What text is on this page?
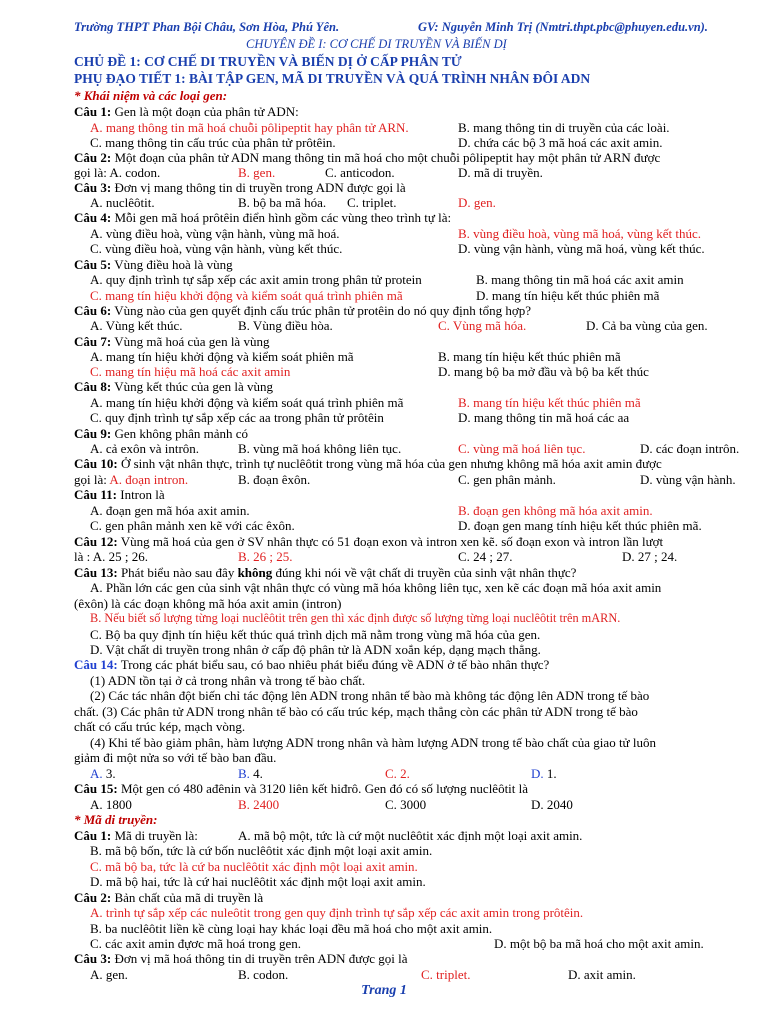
Trường THPT Phan Bội Châu, Sơn Hòa, Phú Yên.	GV: Nguyễn Minh Trị (Nmtri.thpt.pbc@phuyen.edu.vn).
CHUYÊN ĐỀ I: CƠ CHẾ DI TRUYỀN VÀ BIẾN DỊ
CHỦ ĐỀ 1: CƠ CHẾ DI TRUYỀN VÀ BIẾN DỊ Ở CẤP PHÂN TỬ
PHỤ ĐẠO TIẾT 1: BÀI TẬP GEN, MÃ DI TRUYỀN VÀ QUÁ TRÌNH NHÂN ĐÔI ADN
* Khái niệm và các loại gen:
Câu 1: Gen là một đoạn của phân tử ADN:
A. mang thông tin mã hoá chuỗi pôlipeptit hay phân tử ARN.	B. mang thông tin di truyền của các loài.
C. mang thông tin cấu trúc của phân tử prôtêin.	D. chứa các bộ 3 mã hoá các axit amin.
Câu 2: Một đoạn của phân tử ADN mang thông tin mã hoá cho một chuỗi pôlipeptit hay một phân tử ARN được
gọi là: A. codon.	B. gen.	C. anticodon.	D. mã di truyền.
Câu 3: Đơn vị mang thông tin di truyền trong ADN được gọi là
A. nuclêôtit.	B. bộ ba mã hóa. C. triplet.	D. gen.
Câu 4: Mỗi gen mã hoá prôtêin điển hình gồm các vùng theo trình tự là:
A. vùng điều hoà, vùng vận hành, vùng mã hoá.	B. vùng điều hoà, vùng mã hoá, vùng kết thúc.
C. vùng điều hoà, vùng vận hành, vùng kết thúc.	D. vùng vận hành, vùng mã hoá, vùng kết thúc.
Câu 5: Vùng điều hoà là vùng
A. quy định trình tự sắp xếp các axit amin trong phân tử protein	B. mang thông tin mã hoá các axit amin
C. mang tín hiệu khởi động và kiểm soát quá trình phiên mã	D. mang tín hiệu kết thúc phiên mã
Câu 6: Vùng nào của gen quyết định cấu trúc phân tử protêin do nó quy định tổng hợp?
A. Vùng kết thúc.	B. Vùng điều hòa.	C. Vùng mã hóa.	D. Cả ba vùng của gen.
Câu 7: Vùng mã hoá của gen là vùng
A. mang tín hiệu khởi động và kiểm soát phiên mã	B. mang tín hiệu kết thúc phiên mã
C. mang tín hiệu mã hoá các axit amin	D. mang bộ ba mở đầu và bộ ba kết thúc
Câu 8: Vùng kết thúc của gen là vùng
A. mang tín hiệu khởi động và kiểm soát quá trình phiên mã	B. mang tín hiệu kết thúc phiên mã
C. quy định trình tự sắp xếp các aa trong phân tử prôtêin	D. mang thông tin mã hoá các aa
Câu 9: Gen không phân mảnh có
A. cả exôn và intrôn.	B. vùng mã hoá không liên tục.	C. vùng mã hoá liên tục.	D. các đoạn intrôn.
Câu 10: Ở sinh vật nhân thực, trình tự nuclêôtit trong vùng mã hóa của gen nhưng không mã hóa axit amin được
gọi là: A. đoạn intron.	B. đoạn êxôn.	C. gen phân mảnh.	D. vùng vận hành.
Câu 11: Intron là
A. đoạn gen mã hóa axit amin.	B. đoạn gen không mã hóa axit amin.
C. gen phân mảnh xen kẽ với các êxôn.	D. đoạn gen mang tính hiệu kết thúc phiên mã.
Câu 12: Vùng mã hoá của gen ở SV nhân thực có 51 đoạn exon và intron xen kẽ. số đoạn exon và intron lần lượt
là : A. 25 ; 26.	B. 26 ; 25.	C. 24 ; 27.	D. 27 ; 24.
Câu 13: Phát biểu nào sau đây không đúng khi nói về vật chất di truyền của sinh vật nhân thực?
A. Phần lớn các gen của sinh vật nhân thực có vùng mã hóa không liên tục, xen kẽ các đoạn mã hóa axit amin
(êxôn) là các đoạn không mã hóa axit amin (intron)
B. Nếu biết số lượng từng loại nuclêôtit trên gen thì xác định được số lượng từng loại nuclêôtit trên mARN.
C. Bộ ba quy định tín hiệu kết thúc quá trình dịch mã nằm trong vùng mã hóa của gen.
D. Vật chất di truyền trong nhân ở cấp độ phân tử là ADN xoắn kép, dạng mạch thẳng.
Câu 14: Trong các phát biểu sau, có bao nhiêu phát biểu đúng về ADN ở tế bào nhân thực?
(1) ADN tồn tại ở cả trong nhân và trong tế bào chất.
(2) Các tác nhân đột biến chỉ tác động lên ADN trong nhân tế bào mà không tác động lên ADN trong tế bào
chất. (3) Các phân tử ADN trong nhân tế bào có cấu trúc kép, mạch thẳng còn các phân tử ADN trong tế bào
chất có cấu trúc kép, mạch vòng.
(4) Khi tế bào giảm phân, hàm lượng ADN trong nhân và hàm lượng ADN trong tế bào chất của giao tử luôn
giảm đi một nửa so với tế bào ban đầu.
A. 3.	B. 4.	C. 2.	D. 1.
Câu 15: Một gen có 480 ađênin và 3120 liên kết hiđrô. Gen đó có số lượng nuclêôtit là
A. 1800	B. 2400	C. 3000	D. 2040
* Mã di truyền:
Câu 1: Mã di truyền là:	A. mã bộ một, tức là cứ một nuclêôtit xác định một loại axit amin.
B. mã bộ bốn, tức là cứ bốn nuclêôtit xác định một loại axit amin.
C. mã bộ ba, tức là cứ ba nuclêôtit xác định một loại axit amin.
D. mã bộ hai, tức là cứ hai nuclêôtit xác định một loại axit amin.
Câu 2: Bản chất của mã di truyền là
A. trình tự sắp xếp các nuleôtit trong gen quy định trình tự sắp xếp các axit amin trong prôtêin.
B. ba nuclêôtit liền kề cùng loại hay khác loại đều mã hoá cho một axit amin.
C. các axit amin đựơc mã hoá trong gen.	D. một bộ ba mã hoá cho một axit amin.
Câu 3: Đơn vị mã hoá thông tin di truyền trên ADN được gọi là
A. gen.	B. codon.	C. triplet.	D. axit amin.
Trang 1
